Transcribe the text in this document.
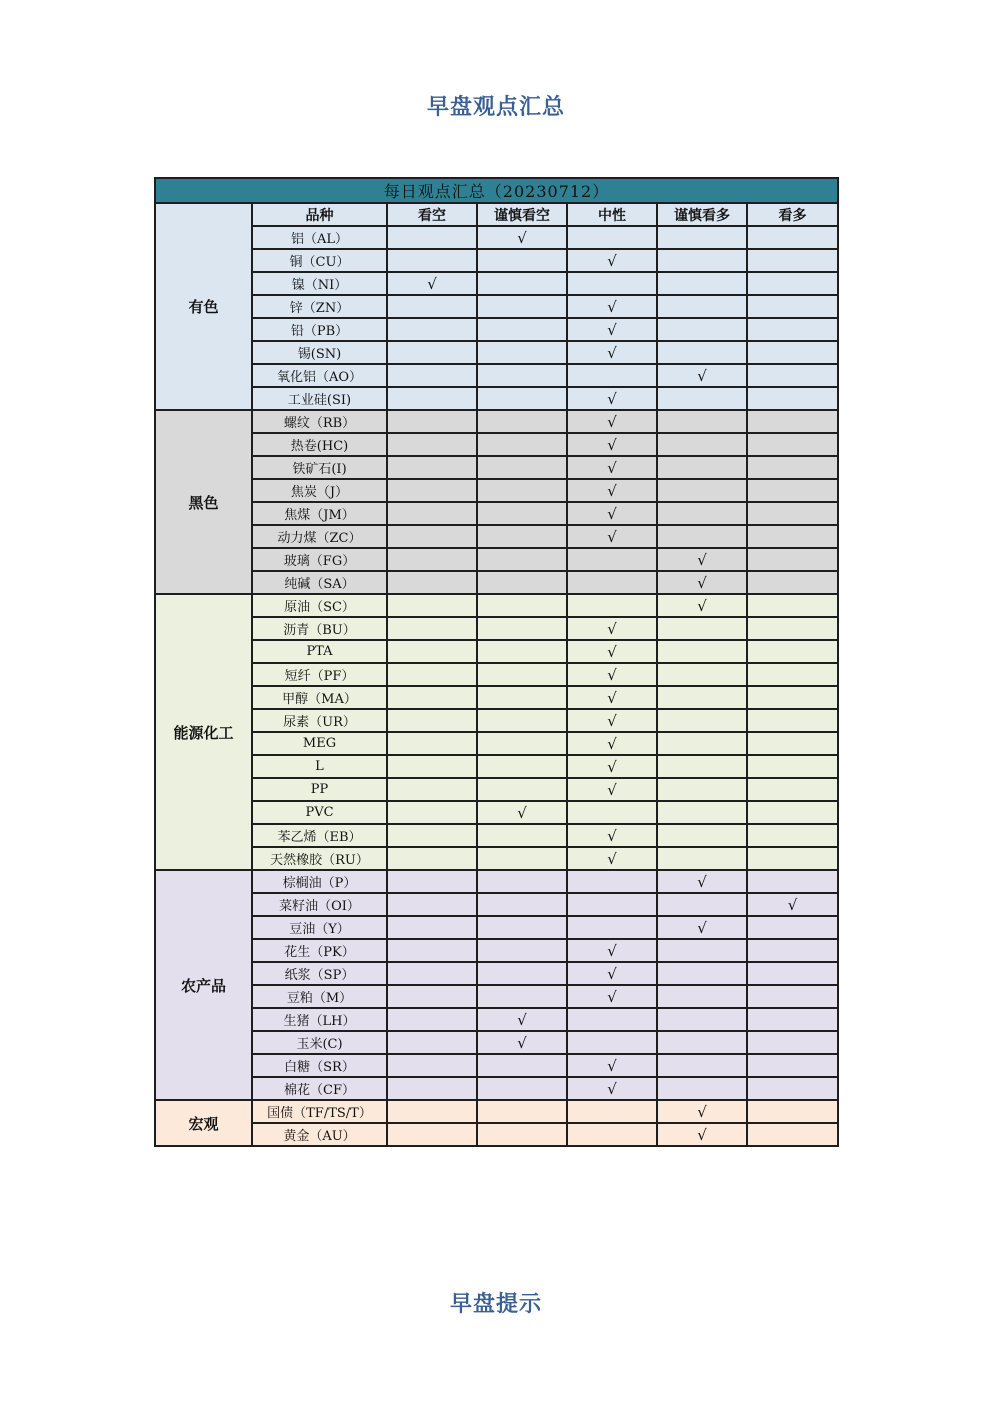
早盘观点汇总
每日观点汇总（20230712）						
有色	品种	看空	谨慎看空	中性	谨慎看多	看多
	铝（AL）		√			
	铜（CU）			√		
	镍（NI）	√				
	锌（ZN）			√		
	铅（PB）			√		
	锡(SN)			√		
	氧化铝（AO）				√	
	工业硅(SI)			√		
黑色	螺纹（RB）			√		
	热卷(HC)			√		
	铁矿石(I)			√		
	焦炭（J）			√		
	焦煤（JM）			√		
	动力煤（ZC）			√		
	玻璃（FG）				√	
	纯碱（SA）				√	
能源化工	原油（SC）				√	
	沥青（BU）			√		
	PTA			√		
	短纤（PF）			√		
	甲醇（MA）			√		
	尿素（UR）			√		
	MEG			√		
	L			√		
	PP			√		
	PVC		√			
	苯乙烯（EB）			√		
	天然橡胶（RU）			√		
农产品	棕榈油（P）				√	
	菜籽油（OI）					√
	豆油（Y）				√	
	花生（PK）			√		
	纸浆（SP）			√		
	豆粕（M）			√		
	生猪（LH）		√			
	玉米(C)		√			
	白糖（SR）			√		
	棉花（CF）			√		
宏观	国债（TF/TS/T）				√	
	黄金（AU）				√	
早盘提示
